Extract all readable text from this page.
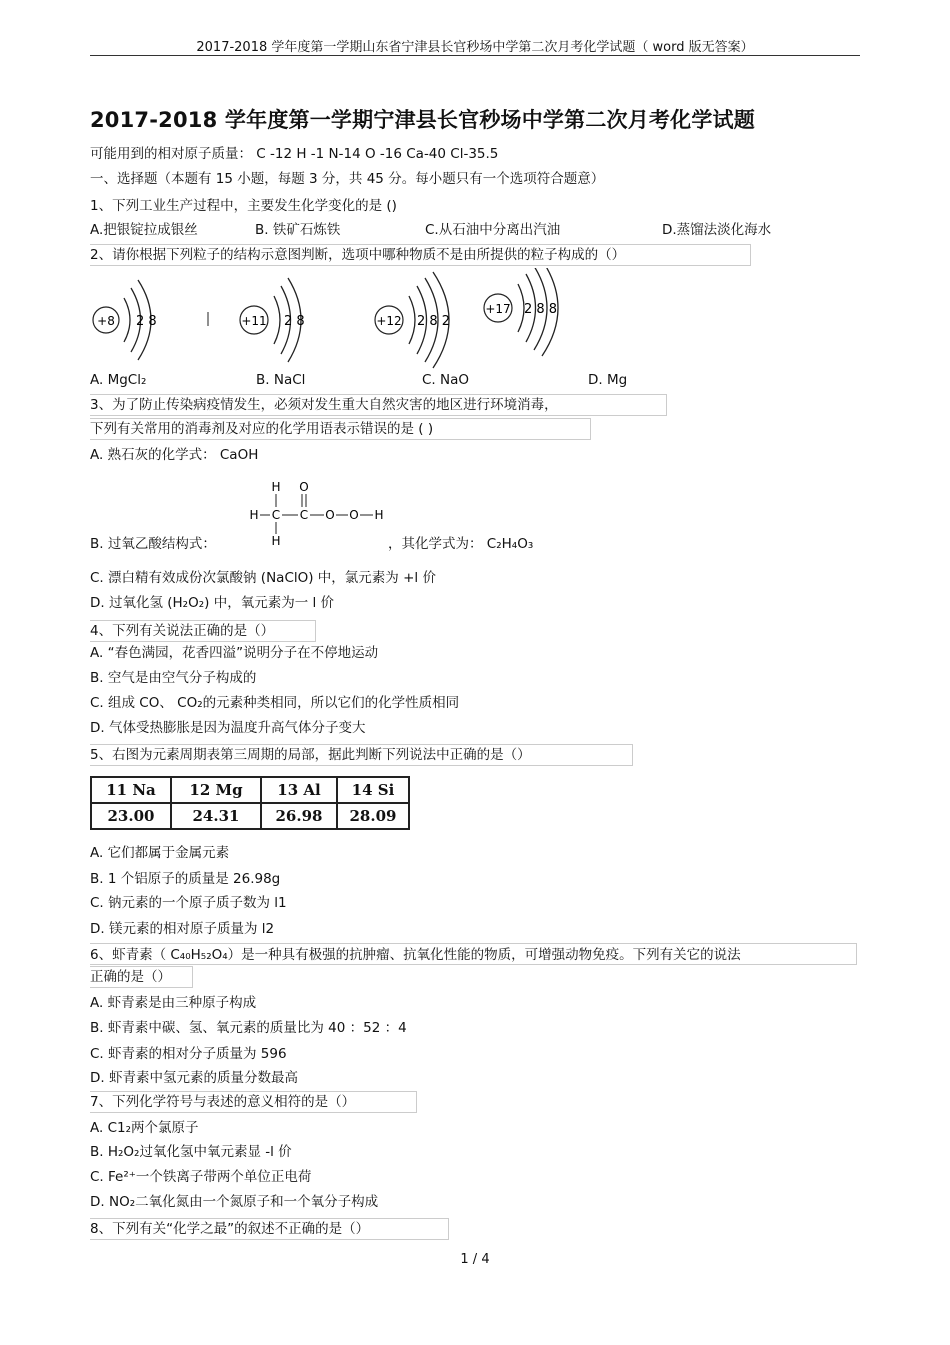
2017-2018 学年度第一学期山东省宁津县长官秒场中学第二次月考化学试题（ word 版无答案）
2017-2018 学年度第一学期宁津县长官秒场中学第二次月考化学试题
可能用到的相对原子质量： C -12 H -1 N-14 O -16 Ca-40 Cl-35.5
一、选择题（本题有 15 小题，每题 3 分，共 45 分。每小题只有一个选项符合题意）
1、下列工业生产过程中，主要发生化学变化的是 ()
A.把银锭拉成银丝	B. 铁矿石炼铁	C.从石油中分离出汽油	D.蒸馏法淡化海水
2、请你根据下列粒子的结构示意图判断，选项中哪种物质不是由所提供的粒子构成的（）
+8 2 8	+11 2 8	+12 2 8 2
+17 2 8 8
A. MgCl₂	B. NaCl	C. NaO	D. Mg
3、为了防止传染病疫情发生，必须对发生重大自然灾害的地区进行环境消毒，
下列有关常用的消毒剂及对应的化学用语表示错误的是 ( )
A. 熟石灰的化学式： CaOH
H O
H C C O O H
H
B. 过氧乙酸结构式：	，其化学式为： C₂H₄O₃
C. 漂白精有效成份次氯酸钠 (NaClO) 中，氯元素为 +l 价
D. 过氧化氢 (H₂O₂) 中，氧元素为一 l 价
4、下列有关说法正确的是（）
A. “春色满园，花香四溢”说明分子在不停地运动
B. 空气是由空气分子构成的
C. 组成 CO、 CO₂的元素种类相同，所以它们的化学性质相同
D. 气体受热膨胀是因为温度升高气体分子变大
5、右图为元素周期表第三周期的局部，据此判断下列说法中正确的是（）
11 Na	12 Mg	13 Al	14 Si
23.00	24.31	26.98	28.09
A. 它们都属于金属元素
B. 1 个铝原子的质量是 26.98g
C. 钠元素的一个原子质子数为 l1
D. 镁元素的相对原子质量为 l2
6、虾青素（ C₄₀H₅₂O₄）是一种具有极强的抗肿瘤、抗氧化性能的物质，可增强动物免疫。下列有关它的说法
正确的是（）
A. 虾青素是由三种原子构成
B. 虾青素中碳、氢、氧元素的质量比为 40 ：52 ：4
C. 虾青素的相对分子质量为 596
D. 虾青素中氢元素的质量分数最高
7、下列化学符号与表述的意义相符的是（）
A. C1₂两个氯原子
B. H₂O₂过氧化氢中氧元素显 -l 价
C. Fe²⁺一个铁离子带两个单位正电荷
D. NO₂二氧化氮由一个氮原子和一个氧分子构成
8、下列有关“化学之最”的叙述不正确的是（）
1 / 4
